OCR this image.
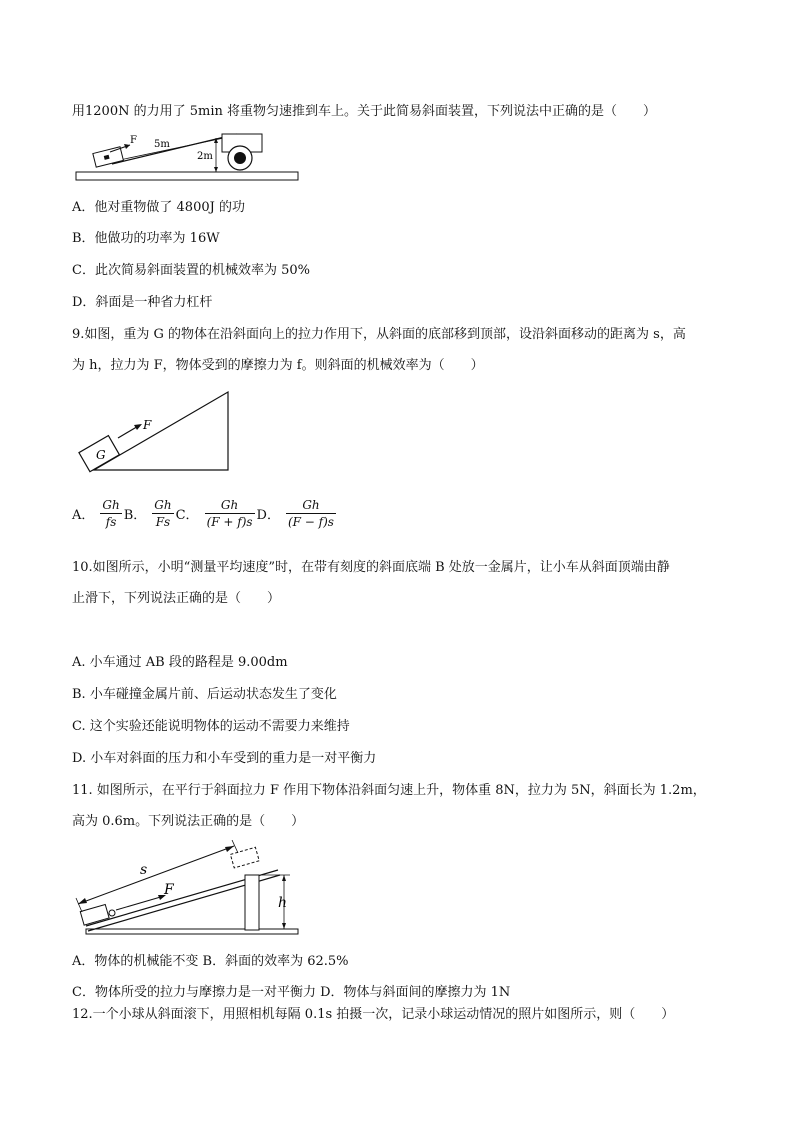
用1200N 的力用了 5min 将重物匀速推到车上。关于此简易斜面装置，下列说法中正确的是（　　）
F 5m
2m
A．他对重物做了 4800J 的功
B．他做功的功率为 16W
C．此次简易斜面装置的机械效率为 50%
D．斜面是一种省力杠杆
9.如图，重为 G 的物体在沿斜面向上的拉力作用下，从斜面的底部移到顶部，设沿斜面移动的距离为 s，高
为 h，拉力为 F，物体受到的摩擦力为 f。则斜面的机械效率为（　　）
G
F
A． $\frac{Gh}{fs}$ B． $\frac{Gh}{Fs}$ C． $\frac{Gh}{(F + f)s}$ D． $\frac{Gh}{(F - f)s}$
10.如图所示，小明“测量平均速度”时，在带有刻度的斜面底端 B 处放一金属片，让小车从斜面顶端由静
止滑下，下列说法正确的是（　　）
A. 小车通过 AB 段的路程是 9.00dm
B. 小车碰撞金属片前、后运动状态发生了变化
C. 这个实验还能说明物体的运动不需要力来维持
D. 小车对斜面的压力和小车受到的重力是一对平衡力
11. 如图所示，在平行于斜面拉力 F 作用下物体沿斜面匀速上升，物体重 8N，拉力为 5N，斜面长为 1.2m，
高为 0.6m。下列说法正确的是（　　）
s
F
h
A．物体的机械能不变 B．斜面的效率为 62.5%
C．物体所受的拉力与摩擦力是一对平衡力 D．物体与斜面间的摩擦力为 1N
12.一个小球从斜面滚下，用照相机每隔 0.1s 拍摄一次，记录小球运动情况的照片如图所示，则（　　）
